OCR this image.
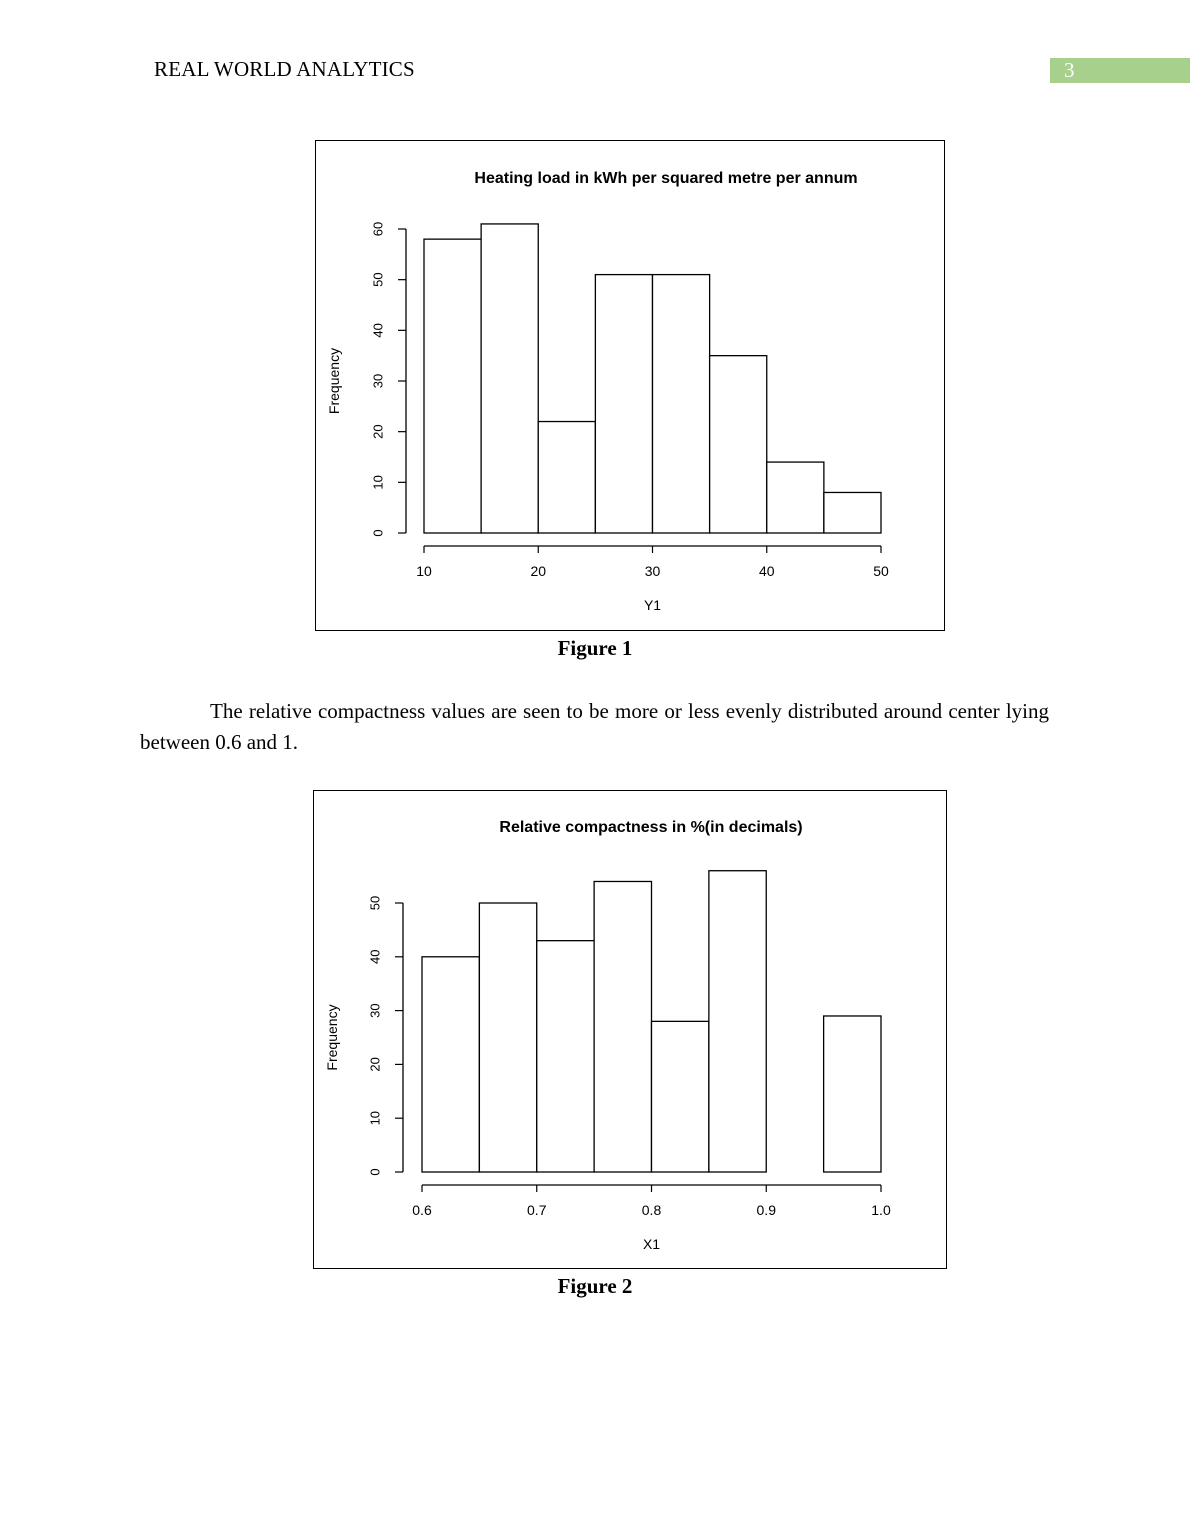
REAL WORLD ANALYTICS	3
Heating load in kWh per squared metre per annum
0
10
20
30
40
50
60
Frequency
10	20	30	40	50
Y1
Figure 1
The relative compactness values are seen to be more or less evenly distributed around center lying between 0.6 and 1.
Relative compactness in %(in decimals)
0
10
20
30
40
50
Frequency
0.6	0.7	0.8	0.9	1.0
X1
Figure 2
